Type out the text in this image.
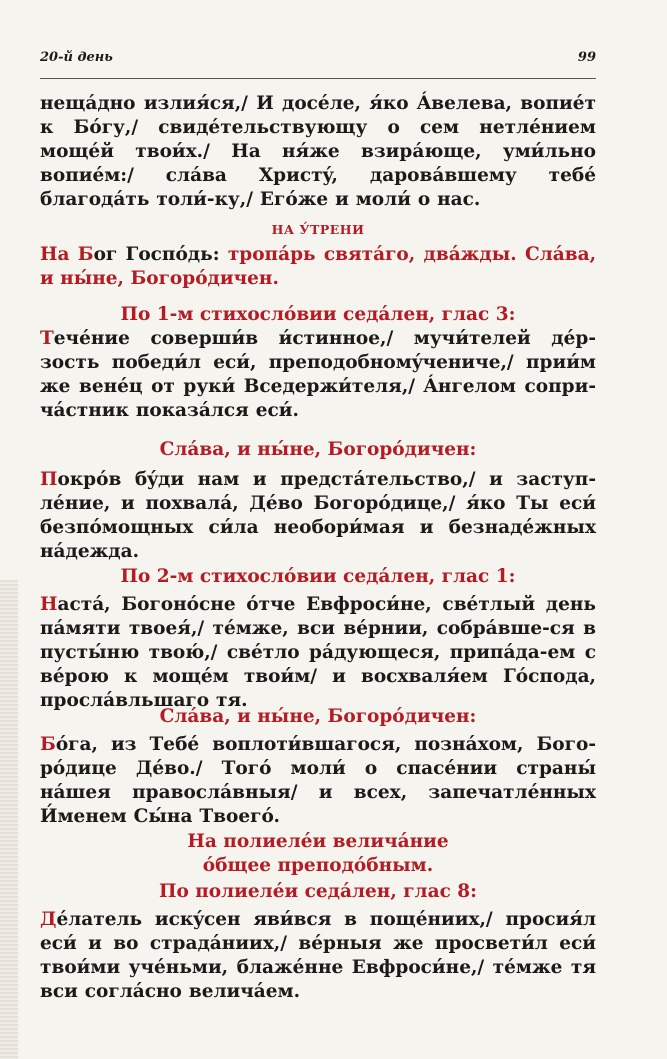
20-й день	99

нещáдно излия́ся,/ И досéле, я́ко Áвелева, вопиéт к Бóгу,/ свидéтельствующу о сем нетлéнием мощéй твои́х./ На ня́же взирáюще, уми́льно вопиéм:/ слáва Христý, даровáвшему тебé благодáть толи́-ку,/ Егóже и моли́ о нас.

НА У́ТРЕНИ

На Бог Госпóдь: тропáрь святáго, двáжды. Слáва, и ны́не, Богорóдичен.

По 1-м стихослóвии седáлен, глас 3:

Течéние соверши́в и́стинное,/ мучи́телей дéр-зость победи́л еси́, преподобномýчениче,/ прии́м же венéц от руки́ Вседержи́теля,/ Áнгелом сопри-чáстник показáлся еси́.

Слáва, и ны́не, Богорóдичен:

Покрóв бýди нам и предстáтельство,/ и заступ-лéние, и похвалá, Дéво Богорóдице,/ я́ко Ты еси́ безпóмощных си́ла необори́мая и безнадéжных нáдежда.

По 2-м стихослóвии седáлен, глас 1:

Настá, Богонóсне óтче Евфроси́не, свéтлый день пáмяти твоея́,/ тéмже, вси вéрнии, собрáвше-ся в пусты́ню твою́,/ свéтло рáдующеся, припáда-ем с вéрою к мощéм твои́м/ и восхваля́ем Гóспода, прослáвльшаго тя.

Слáва, и ны́не, Богорóдичен:

Бóга, из Тебé воплоти́вшагося, познáхом, Бого-рóдице Дéво./ Тогó моли́ о спасéнии страны́ нáшея правослáвныя/ и всех, запечатлéнных И́менем Сы́на Твоегó.

На полиелéи величáние

óбщее преподóбным.

По полиелéи седáлен, глас 8:

Дéлатель искýсен яви́вся в пощéниих,/ просия́л еси́ и во страдáниих,/ вéрныя же просвети́л еси́ твои́ми учéньми, блажéнне Евфроси́не,/ тéмже тя вси соглáсно величáем.
